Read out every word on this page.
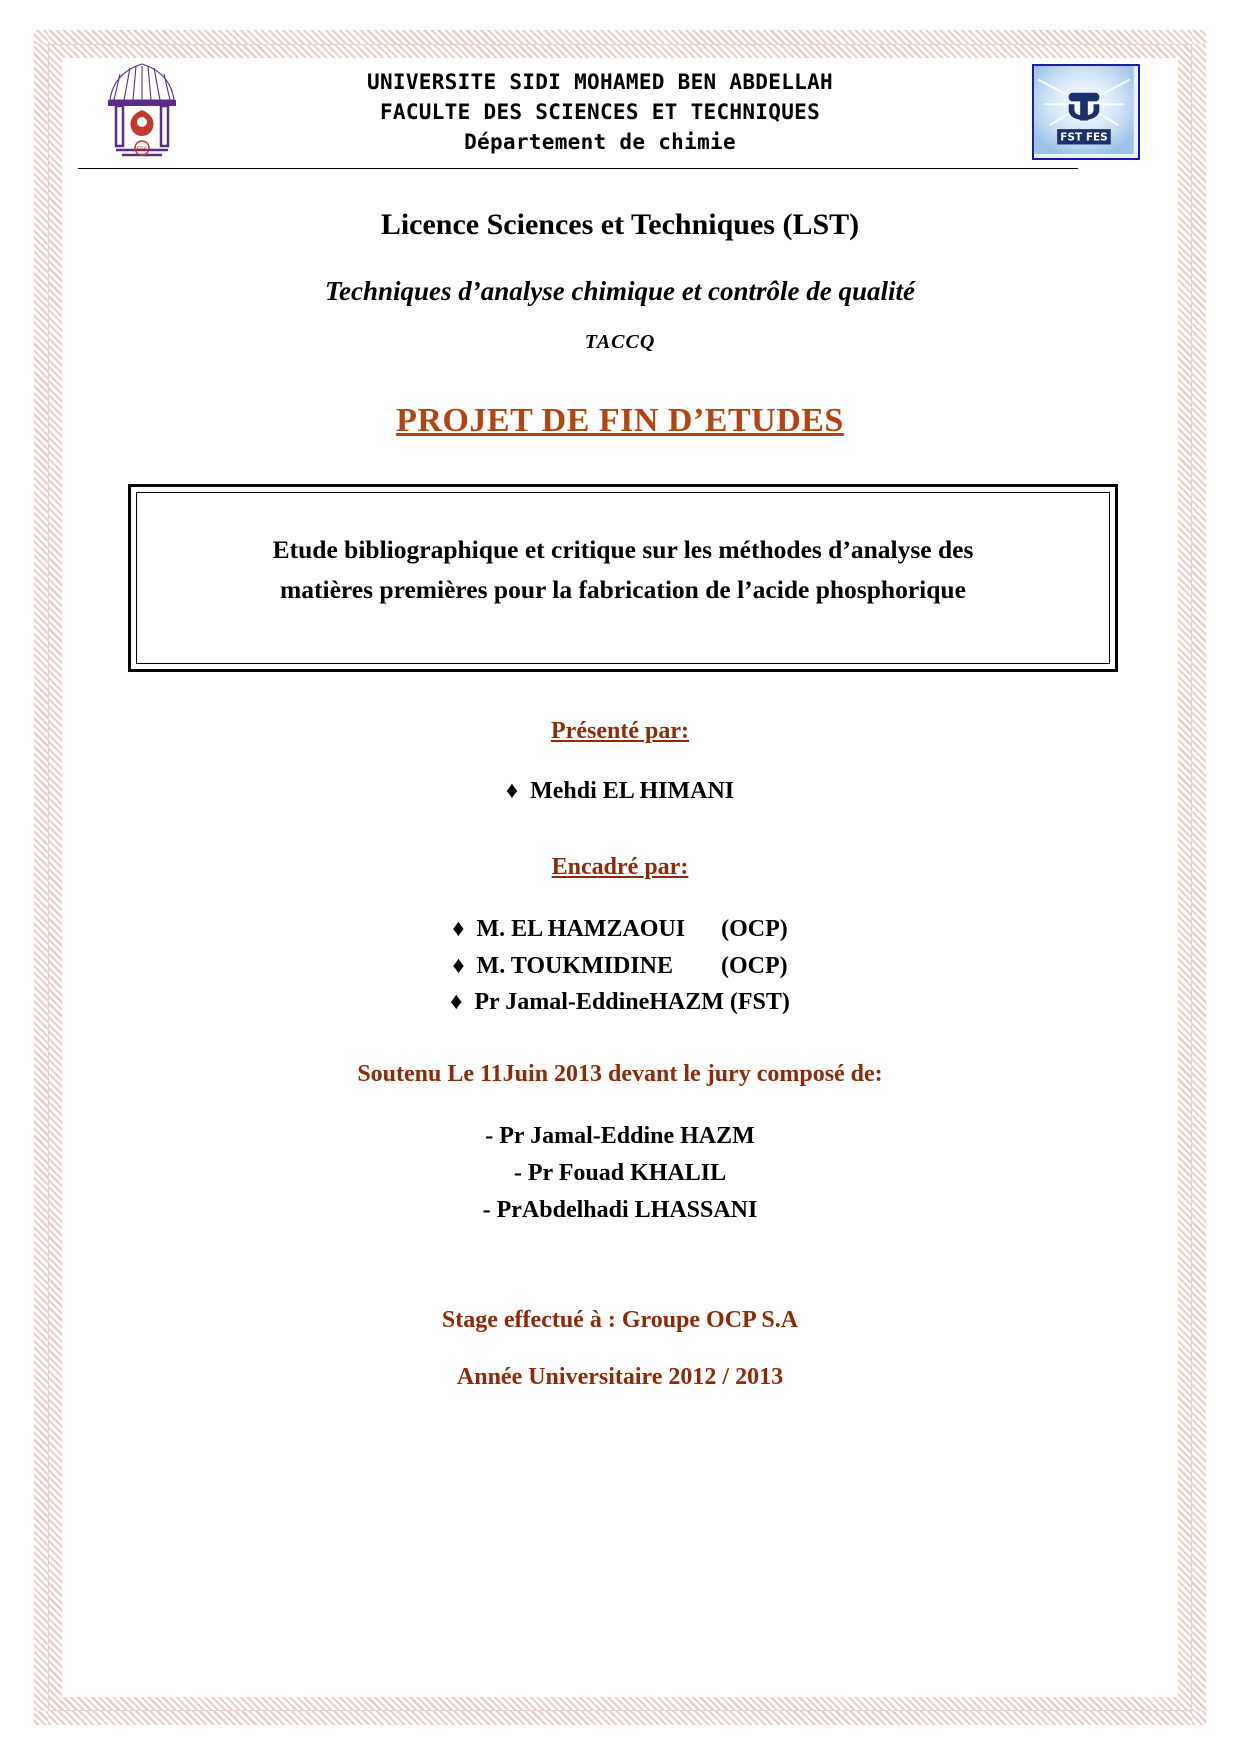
FES
UNIVERSITE SIDI MOHAMED BEN ABDELLAH
FACULTE DES SCIENCES ET TECHNIQUES
Département de chimie	FST FES
Licence Sciences et Techniques (LST)
Techniques d’analyse chimique et contrôle de qualité
TACCQ
PROJET DE FIN D’ETUDES
Etude bibliographique et critique sur les méthodes d’analyse des
matières premières pour la fabrication de l’acide phosphorique
Présenté par:
♦  Mehdi EL HIMANI
Encadré par:
♦  M. EL HAMZAOUI      (OCP)
♦  M. TOUKMIDINE        (OCP)
♦  Pr Jamal-EddineHAZM (FST)
Soutenu Le 11Juin 2013 devant le jury composé de:
- Pr Jamal-Eddine HAZM
- Pr Fouad KHALIL
- PrAbdelhadi LHASSANI
Stage effectué à : Groupe OCP S.A
Année Universitaire 2012 / 2013
